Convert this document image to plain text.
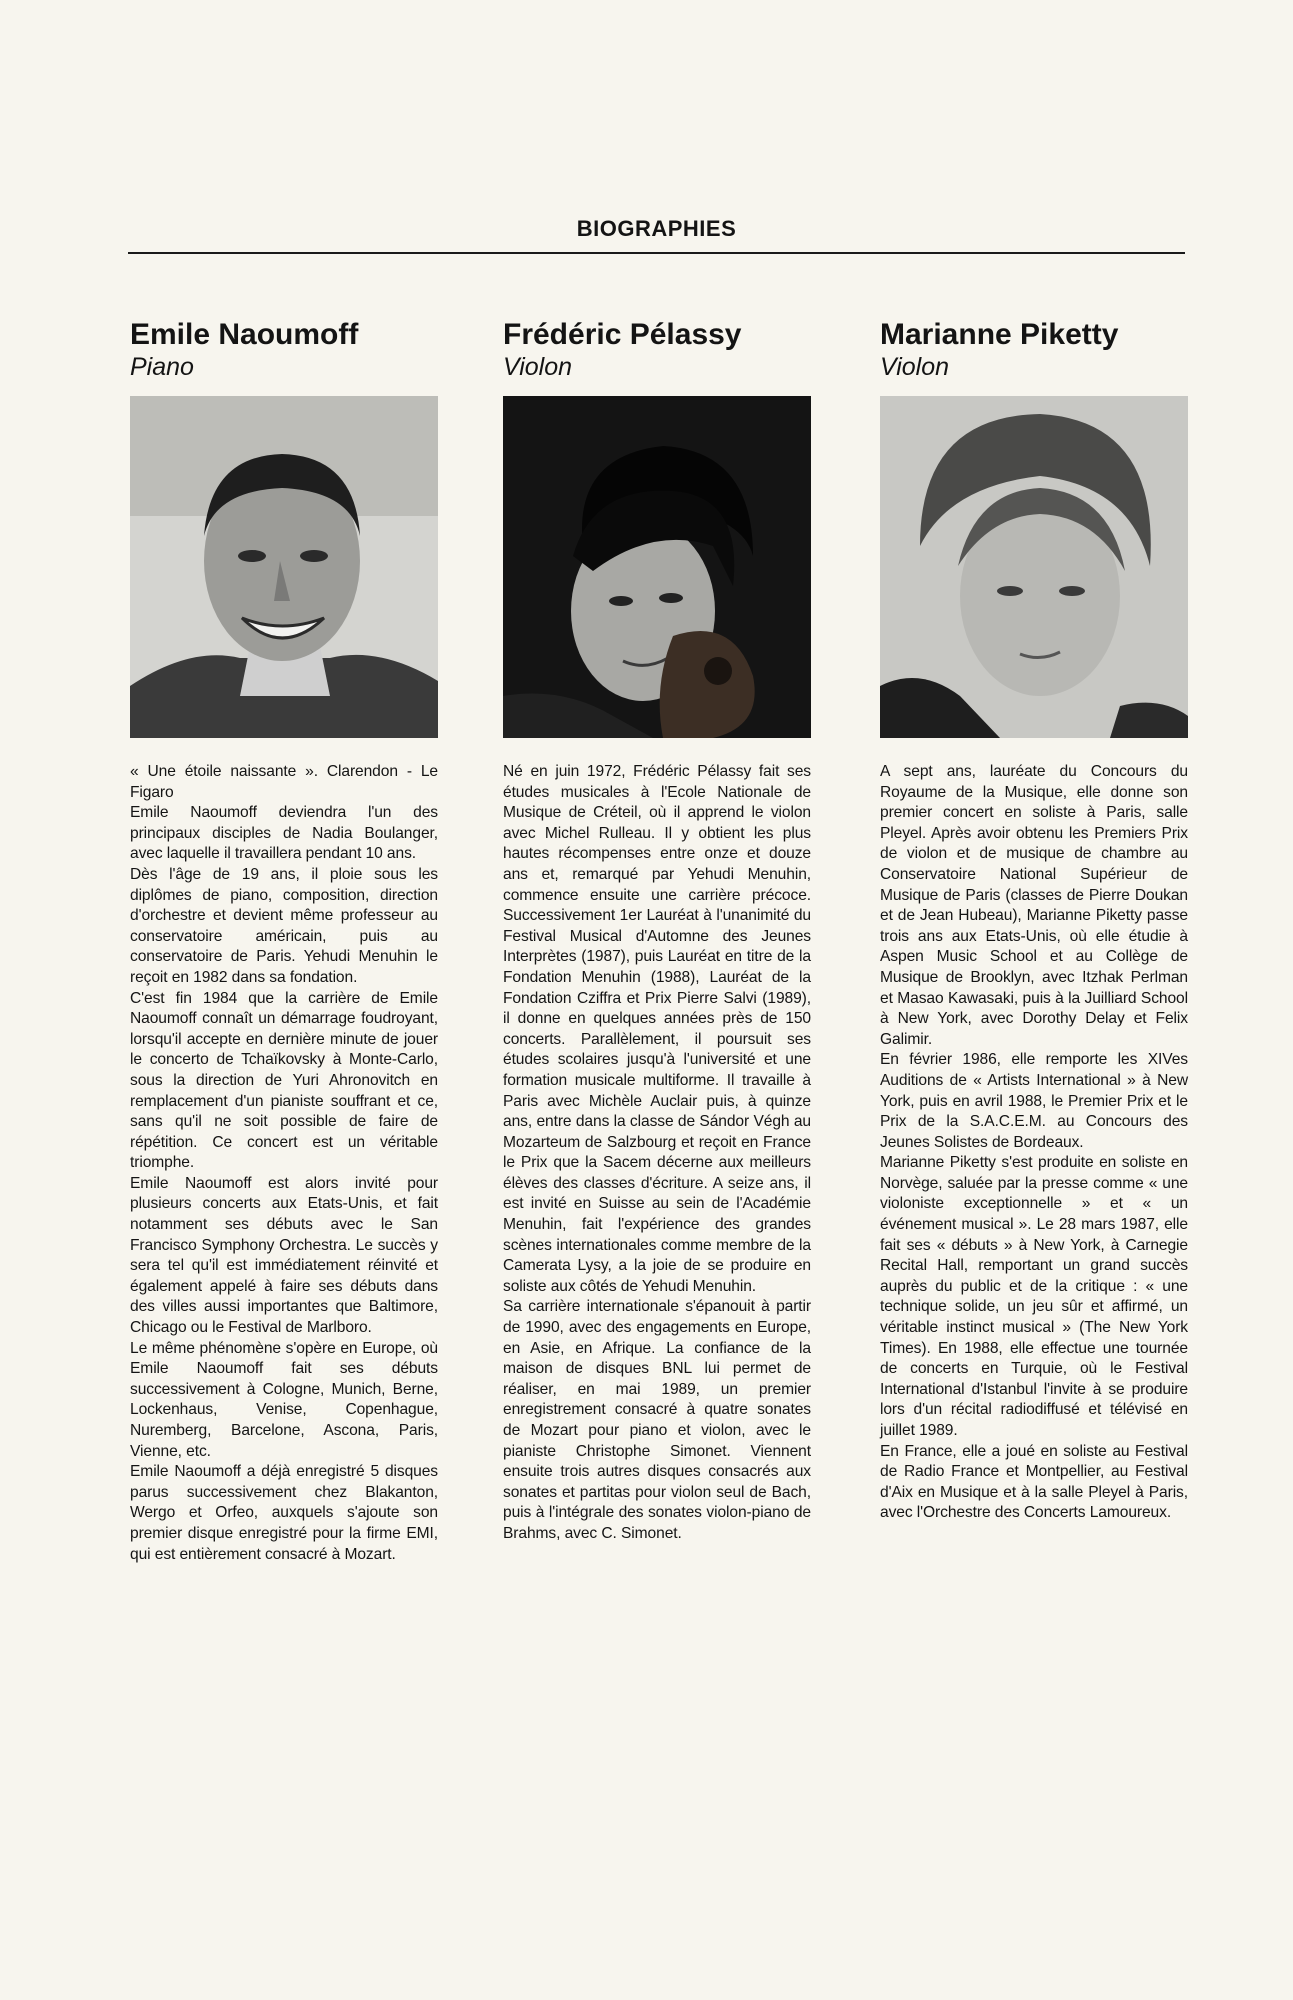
BIOGRAPHIES
Emile Naoumoff
Piano

« Une étoile naissante ». Clarendon - Le Figaro

Emile Naoumoff deviendra l'un des principaux disciples de Nadia Boulanger, avec laquelle il travaillera pendant 10 ans.

Dès l'âge de 19 ans, il ploie sous les diplômes de piano, composition, direction d'orchestre et devient même professeur au conservatoire américain, puis au conservatoire de Paris. Yehudi Menuhin le reçoit en 1982 dans sa fondation.

C'est fin 1984 que la carrière de Emile Naoumoff connaît un démarrage foudroyant, lorsqu'il accepte en dernière minute de jouer le concerto de Tchaïkovsky à Monte-Carlo, sous la direction de Yuri Ahronovitch en remplacement d'un pianiste souffrant et ce, sans qu'il ne soit possible de faire de répétition. Ce concert est un véritable triomphe.

Emile Naoumoff est alors invité pour plusieurs concerts aux Etats-Unis, et fait notamment ses débuts avec le San Francisco Symphony Orchestra. Le succès y sera tel qu'il est immédiatement réinvité et également appelé à faire ses débuts dans des villes aussi importantes que Baltimore, Chicago ou le Festival de Marlboro.

Le même phénomène s'opère en Europe, où Emile Naoumoff fait ses débuts successivement à Cologne, Munich, Berne, Lockenhaus, Venise, Copenhague, Nuremberg, Barcelone, Ascona, Paris, Vienne, etc.

Emile Naoumoff a déjà enregistré 5 disques parus successivement chez Blakanton, Wergo et Orfeo, auxquels s'ajoute son premier disque enregistré pour la firme EMI, qui est entièrement consacré à Mozart.

Frédéric Pélassy
Violon

Né en juin 1972, Frédéric Pélassy fait ses études musicales à l'Ecole Nationale de Musique de Créteil, où il apprend le violon avec Michel Rulleau. Il y obtient les plus hautes récompenses entre onze et douze ans et, remarqué par Yehudi Menuhin, commence ensuite une carrière précoce. Successivement 1er Lauréat à l'unanimité du Festival Musical d'Automne des Jeunes Interprètes (1987), puis Lauréat en titre de la Fondation Menuhin (1988), Lauréat de la Fondation Cziffra et Prix Pierre Salvi (1989), il donne en quelques années près de 150 concerts. Parallèlement, il poursuit ses études scolaires jusqu'à l'université et une formation musicale multiforme. Il travaille à Paris avec Michèle Auclair puis, à quinze ans, entre dans la classe de Sándor Végh au Mozarteum de Salzbourg et reçoit en France le Prix que la Sacem décerne aux meilleurs élèves des classes d'écriture. A seize ans, il est invité en Suisse au sein de l'Académie Menuhin, fait l'expérience des grandes scènes internationales comme membre de la Camerata Lysy, a la joie de se produire en soliste aux côtés de Yehudi Menuhin.

Sa carrière internationale s'épanouit à partir de 1990, avec des engagements en Europe, en Asie, en Afrique. La confiance de la maison de disques BNL lui permet de réaliser, en mai 1989, un premier enregistrement consacré à quatre sonates de Mozart pour piano et violon, avec le pianiste Christophe Simonet. Viennent ensuite trois autres disques consacrés aux sonates et partitas pour violon seul de Bach, puis à l'intégrale des sonates violon-piano de Brahms, avec C. Simonet.

Marianne Piketty
Violon

A sept ans, lauréate du Concours du Royaume de la Musique, elle donne son premier concert en soliste à Paris, salle Pleyel. Après avoir obtenu les Premiers Prix de violon et de musique de chambre au Conservatoire National Supérieur de Musique de Paris (classes de Pierre Doukan et de Jean Hubeau), Marianne Piketty passe trois ans aux Etats-Unis, où elle étudie à Aspen Music School et au Collège de Musique de Brooklyn, avec Itzhak Perlman et Masao Kawasaki, puis à la Juilliard School à New York, avec Dorothy Delay et Felix Galimir.

En février 1986, elle remporte les XIVes Auditions de « Artists International » à New York, puis en avril 1988, le Premier Prix et le Prix de la S.A.C.E.M. au Concours des Jeunes Solistes de Bordeaux.

Marianne Piketty s'est produite en soliste en Norvège, saluée par la presse comme « une violoniste exceptionnelle » et « un événement musical ». Le 28 mars 1987, elle fait ses « débuts » à New York, à Carnegie Recital Hall, remportant un grand succès auprès du public et de la critique : « une technique solide, un jeu sûr et affirmé, un véritable instinct musical » (The New York Times). En 1988, elle effectue une tournée de concerts en Turquie, où le Festival International d'Istanbul l'invite à se produire lors d'un récital radiodiffusé et télévisé en juillet 1989.

En France, elle a joué en soliste au Festival de Radio France et Montpellier, au Festival d'Aix en Musique et à la salle Pleyel à Paris, avec l'Orchestre des Concerts Lamoureux.
